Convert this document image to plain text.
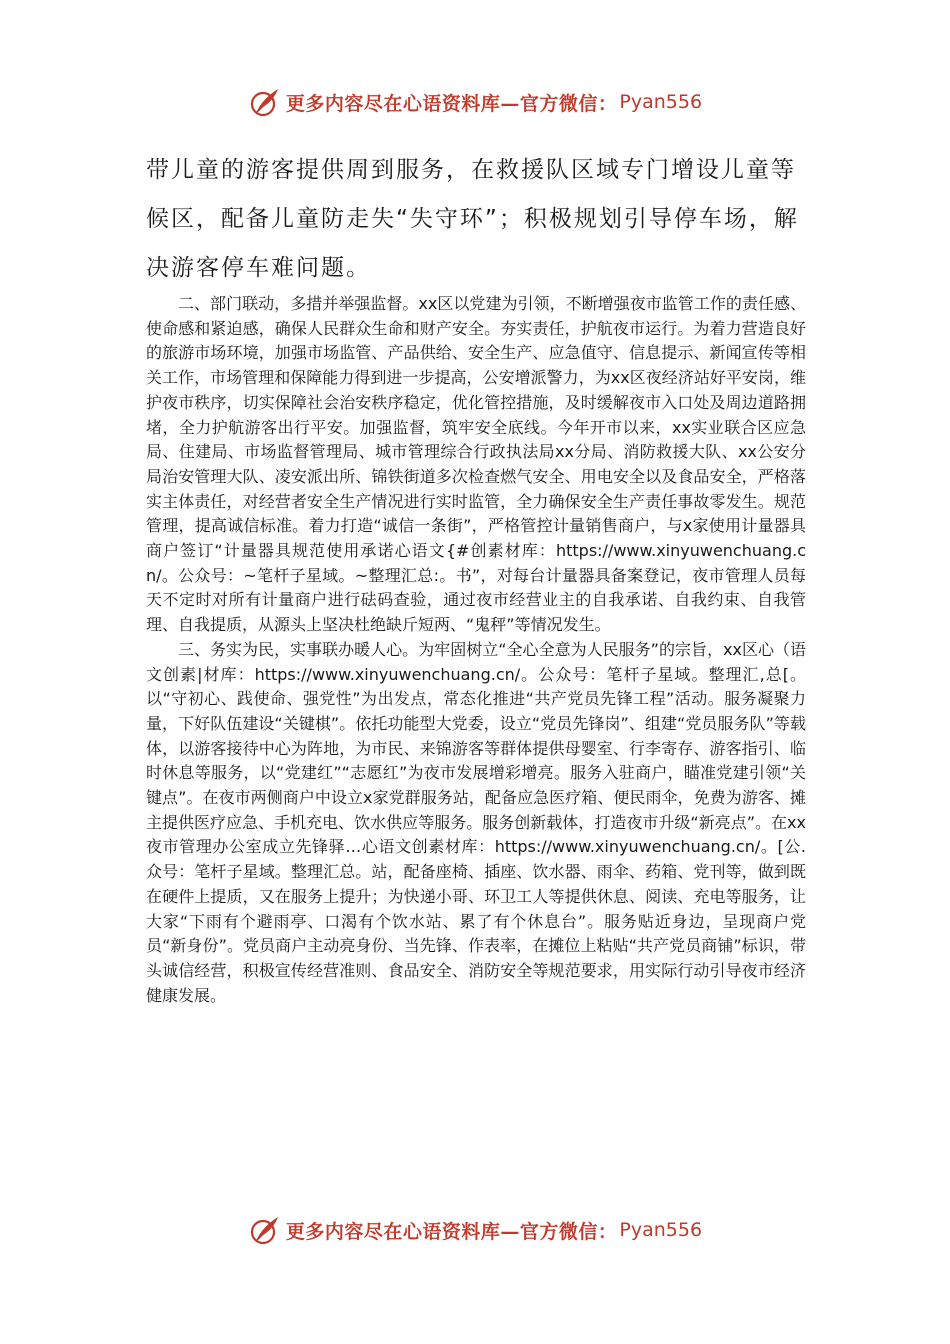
更多内容尽在心语资料库—官方微信： Pyan556

带儿童的游客提供周到服务，在救援队区域专门增设儿童等候区，配备儿童防走失“失守环”；积极规划引导停车场，解决游客停车难问题。

二、部门联动，多措并举强监督。xx区以党建为引领，不断增强夜市监管工作的责任感、使命感和紧迫感，确保人民群众生命和财产安全。夯实责任，护航夜市运行。为着力营造良好的旅游市场环境，加强市场监管、产品供给、安全生产、应急值守、信息提示、新闻宣传等相关工作，市场管理和保障能力得到进一步提高，公安增派警力，为xx区夜经济站好平安岗，维护夜市秩序，切实保障社会治安秩序稳定，优化管控措施，及时缓解夜市入口处及周边道路拥堵，全力护航游客出行平安。加强监督，筑牢安全底线。今年开市以来，xx实业联合区应急局、住建局、市场监督管理局、城市管理综合行政执法局xx分局、消防救援大队、xx公安分局治安管理大队、凌安派出所、锦铁街道多次检查燃气安全、用电安全以及食品安全，严格落实主体责任，对经营者安全生产情况进行实时监管，全力确保安全生产责任事故零发生。规范管理，提高诚信标准。着力打造“诚信一条街”，严格管控计量销售商户，与x家使用计量器具商户签订“计量器具规范使用承诺心语文{#创素材库：https://www.xinyuwenchuang.cn/。公众号：~笔杆子星域。~整理汇总:。书”，对每台计量器具备案登记，夜市管理人员每天不定时对所有计量商户进行砝码查验，通过夜市经营业主的自我承诺、自我约束、自我管理、自我提质，从源头上坚决杜绝缺斤短两、“鬼秤”等情况发生。

三、务实为民，实事联办暖人心。为牢固树立“全心全意为人民服务”的宗旨，xx区心（语文创素|材库：https://www.xinyuwenchuang.cn/。公众号：笔杆子星域。整理汇,总[。以“守初心、践使命、强党性”为出发点，常态化推进“共产党员先锋工程”活动。服务凝聚力量，下好队伍建设“关键棋”。依托功能型大党委，设立“党员先锋岗”、组建“党员服务队”等载体，以游客接待中心为阵地，为市民、来锦游客等群体提供母婴室、行李寄存、游客指引、临时休息等服务，以“党建红”“志愿红”为夜市发展增彩增亮。服务入驻商户，瞄准党建引领“关键点”。在夜市两侧商户中设立x家党群服务站，配备应急医疗箱、便民雨伞，免费为游客、摊主提供医疗应急、手机充电、饮水供应等服务。服务创新载体，打造夜市升级“新亮点”。在xx夜市管理办公室成立先锋驿…心语文创素材库：https://www.xinyuwenchuang.cn/。[公.众号：笔杆子星域。整理汇总。站，配备座椅、插座、饮水器、雨伞、药箱、党刊等，做到既在硬件上提质，又在服务上提升；为快递小哥、环卫工人等提供休息、阅读、充电等服务，让大家“下雨有个避雨亭、口渴有个饮水站、累了有个休息台”。服务贴近身边，呈现商户党员“新身份”。党员商户主动亮身份、当先锋、作表率，在摊位上粘贴“共产党员商铺”标识，带头诚信经营，积极宣传经营准则、食品安全、消防安全等规范要求，用实际行动引导夜市经济健康发展。

更多内容尽在心语资料库—官方微信： Pyan556
